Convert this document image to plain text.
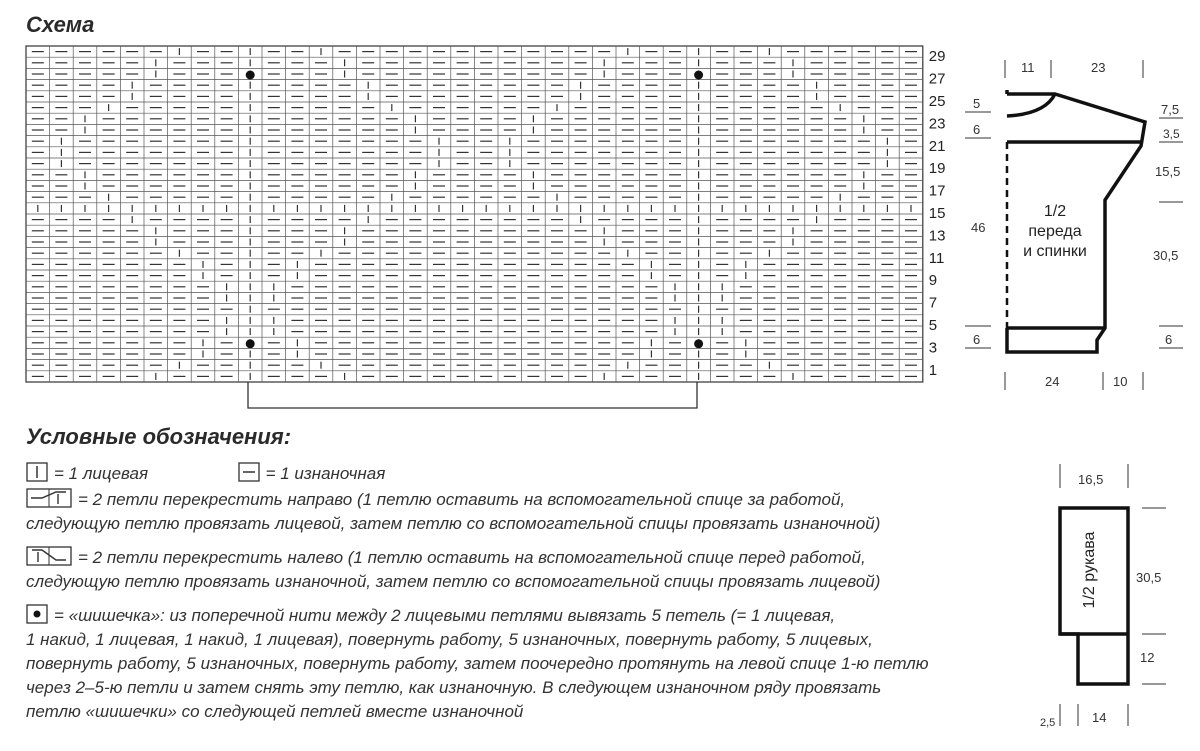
Схема
29
27
25
23
21
19
17
15
13
11
9
7
5
3
1
11	23
5
6
46
6
7,5
3,5
15,5
30,5
6
24	10
1/2
переда
и спинки
Условные обозначения:
= 1 лицевая	= 1 изнаночная
= 2 петли перекрестить направо (1 петлю оставить на вспомогательной спице за работой,
следующую петлю провязать лицевой, затем петлю со вспомогательной спицы провязать изнаночной)
= 2 петли перекрестить налево (1 петлю оставить на вспомогательной спице перед работой,
следующую петлю провязать изнаночной, затем петлю со вспомогательной спицы провязать лицевой)
= «шишечка»: из поперечной нити между 2 лицевыми петлями вывязать 5 петель (= 1 лицевая,
1 накид, 1 лицевая, 1 накид, 1 лицевая), повернуть работу, 5 изнаночных, повернуть работу, 5 лицевых,
повернуть работу, 5 изнаночных, повернуть работу, затем поочередно протянуть на левой спице 1-ю петлю
через 2–5-ю петли и затем снять эту петлю, как изнаночную. В следующем изнаночном ряду провязать
петлю «шишечки» со следующей петлей вместе изнаночной
16,5
30,5
12
2,5	14
1/2 рукава
